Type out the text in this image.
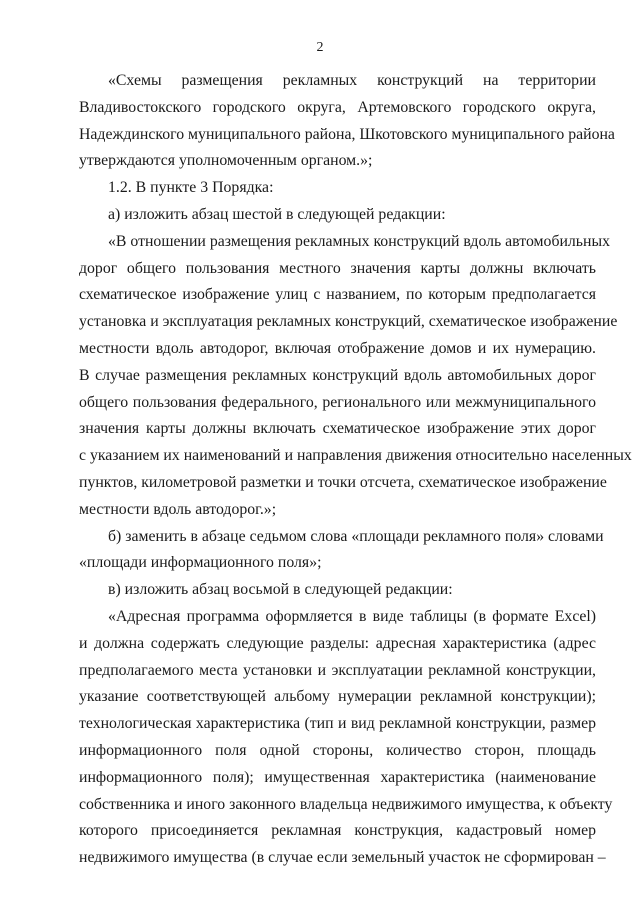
2
«Схемы размещения рекламных конструкций на территории
Владивостокского городского округа, Артемовского городского округа,
Надеждинского муниципального района, Шкотовского муниципального района
утверждаются уполномоченным органом.»;
1.2. В пункте 3 Порядка:
а) изложить абзац шестой в следующей редакции:
«В отношении размещения рекламных конструкций вдоль автомобильных
дорог общего пользования местного значения карты должны включать
схематическое изображение улиц с названием, по которым предполагается
установка и эксплуатация рекламных конструкций, схематическое изображение
местности вдоль автодорог, включая отображение домов и их нумерацию.
В случае размещения рекламных конструкций вдоль автомобильных дорог
общего пользования федерального, регионального или межмуниципального
значения карты должны включать схематическое изображение этих дорог
с указанием их наименований и направления движения относительно населенных
пунктов, километровой разметки и точки отсчета, схематическое изображение
местности вдоль автодорог.»;
б) заменить в абзаце седьмом слова «площади рекламного поля» словами
«площади информационного поля»;
в) изложить абзац восьмой в следующей редакции:
«Адресная программа оформляется в виде таблицы (в формате Excel)
и должна содержать следующие разделы: адресная характеристика (адрес
предполагаемого места установки и эксплуатации рекламной конструкции,
указание соответствующей альбому нумерации рекламной конструкции);
технологическая характеристика (тип и вид рекламной конструкции, размер
информационного поля одной стороны, количество сторон, площадь
информационного поля); имущественная характеристика (наименование
собственника и иного законного владельца недвижимого имущества, к объекту
которого присоединяется рекламная конструкция, кадастровый номер
недвижимого имущества (в случае если земельный участок не сформирован –
